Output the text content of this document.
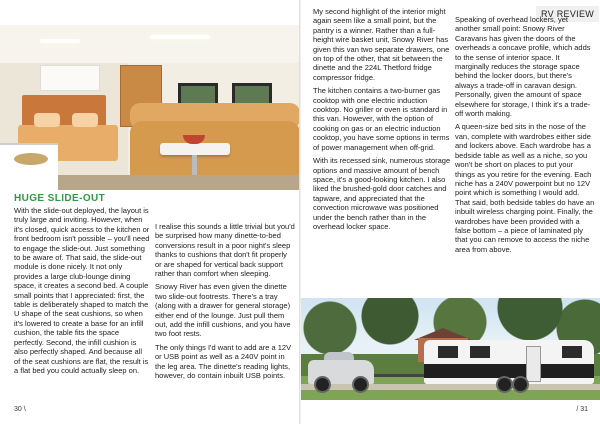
RV REVIEW
HUGE SLIDE-OUT

With the slide-out deployed, the layout is truly large and inviting. However, when it's closed, quick access to the kitchen or front bedroom isn't possible – you'll need to engage the slide-out. Just something to be aware of. That said, the slide-out module is done nicely. It not only provides a large club-lounge dining space, it creates a second bed. A couple small points that I appreciated: first, the table is deliberately shaped to match the U shape of the seat cushions, so when it's lowered to create a base for an infill cushion, the table fits the space perfectly. Second, the infill cushion is also perfectly shaped. And because all of the seat cushions are flat, the result is a flat bed you could actually sleep on.

I realise this sounds a little trivial but you'd be surprised how many dinette-to-bed conversions result in a poor night's sleep thanks to cushions that don't fit properly or are shaped for vertical back support rather than comfort when sleeping.

Snowy River has even given the dinette two slide-out footrests. There's a tray (along with a drawer for general storage) either end of the lounge. Just pull them out, add the infill cushions, and you have two foot rests.

The only things I'd want to add are a 12V or USB point as well as a 240V point in the leg area. The dinette's reading lights, however, do contain inbuilt USB points.

My second highlight of the interior might again seem like a small point, but the pantry is a winner. Rather than a full-height wire basket unit, Snowy River has given this van two separate drawers, one on top of the other, that sit between the dinette and the 224L Thetford fridge compressor fridge.

The kitchen contains a two-burner gas cooktop with one electric induction cooktop. No griller or oven is standard in this van. However, with the option of cooking on gas or an electric induction cooktop, you have some options in terms of power management when off-grid.

With its recessed sink, numerous storage options and massive amount of bench space, it's a good-looking kitchen. I also liked the brushed-gold door catches and tapware, and appreciated that the convection microwave was positioned under the bench rather than in the overhead locker space.

Speaking of overhead lockers, yet another small point: Snowy River Caravans has given the doors of the overheads a concave profile, which adds to the sense of interior space. It marginally reduces the storage space behind the locker doors, but there's always a trade-off in caravan design. Personally, given the amount of space elsewhere for storage, I think it's a trade-off worth making.

A queen-size bed sits in the nose of the van, complete with wardrobes either side and lockers above. Each wardrobe has a bedside table as well as a niche, so you won't be short on places to put your things as you retire for the evening. Each niche has a 240V powerpoint but no 12V point which is something I would add. That said, both bedside tables do have an inbuilt wireless charging point. Finally, the wardrobes have been provided with a false bottom – a piece of laminated ply that you can remove to access the niche area from above.

30 \	/ 31
